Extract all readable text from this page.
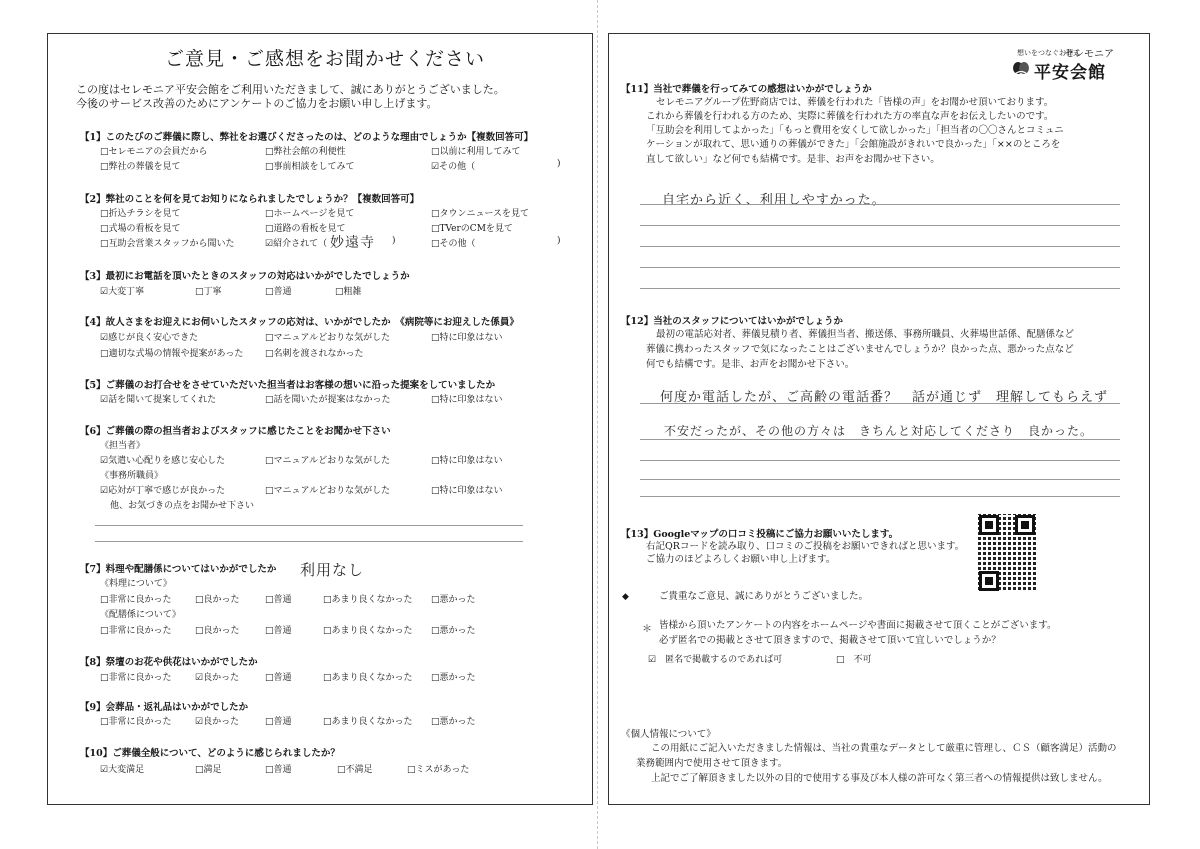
ご意見・ご感想をお聞かせください
この度はセレモニア平安会館をご利用いただきまして、誠にありがとうございました。
今後のサービス改善のためにアンケートのご協力をお願い申し上げます。
【1】このたびのご葬儀に際し、弊社をお選びくださったのは、どのような理由でしょうか【複数回答可】
□セレモニアの会員だから	□弊社会館の利便性	□以前に利用してみて
□弊社の葬儀を見て	□事前相談をしてみて	☑その他（	)
【2】弊社のことを何を見てお知りになられましたでしょうか？【複数回答可】
□折込チラシを見て	□ホームページを見て	□タウンニュースを見て
□式場の看板を見て	□道路の看板を見て	□TVerのCMを見て
□互助会営業スタッフから聞いた	☑紹介されて（ 妙遠寺 )	□その他（	)
【3】最初にお電話を頂いたときのスタッフの対応はいかがでしたでしょうか
☑大変丁寧	□丁寧	□普通	□粗雑
【4】故人さまをお迎えにお伺いしたスタッフの応対は、いかがでしたか　《病院等にお迎えした係員》
☑感じが良く安心できた	□マニュアルどおりな気がした	□特に印象はない
□適切な式場の情報や提案があった □名刺を渡されなかった
【5】ご葬儀のお打合せをさせていただいた担当者はお客様の想いに沿った提案をしていましたか
☑話を聞いて提案してくれた	□話を聞いたが提案はなかった	□特に印象はない
【6】ご葬儀の際の担当者およびスタッフに感じたことをお聞かせ下さい
《担当者》
☑気遣い心配りを感じ安心した	□マニュアルどおりな気がした	□特に印象はない
《事務所職員》
☑応対が丁寧で感じが良かった	□マニュアルどおりな気がした	□特に印象はない
他、お気づきの点をお聞かせ下さい
【7】料理や配膳係についてはいかがでしたか 利用なし
《料理について》
□非常に良かった	□良かった	□普通	□あまり良くなかった □悪かった
《配膳係について》
□非常に良かった	□良かった	□普通	□あまり良くなかった □悪かった
【8】祭壇のお花や供花はいかがでしたか
□非常に良かった	☑良かった	□普通	□あまり良くなかった □悪かった
【9】会葬品・返礼品はいかがでしたか
□非常に良かった	☑良かった	□普通	□あまり良くなかった □悪かった
【10】ご葬儀全般について、どのように感じられましたか？
☑大変満足	□満足	□普通	□不満足	□ミスがあった
想いをつなぐお葬式
セレモニア
平安会館
【11】当社で葬儀を行ってみての感想はいかがでしょうか
セレモニアグループ佐野商店では、葬儀を行われた「皆様の声」をお聞かせ頂いております。
これから葬儀を行われる方のため、実際に葬儀を行われた方の率直な声をお伝えしたいのです。
「互助会を利用してよかった」「もっと費用を安くして欲しかった」「担当者の〇〇さんとコミュニ
ケーションが取れて、思い通りの葬儀ができた」「会館施設がきれいで良かった」「××のところを
直して欲しい」など何でも結構です。是非、お声をお聞かせ下さい。
自宅から近く、利用しやすかった。
【12】当社のスタッフについてはいかがでしょうか
最初の電話応対者、葬儀見積り者、葬儀担当者、搬送係、事務所職員、火葬場世話係、配膳係など
葬儀に携わったスタッフで気になったことはございませんでしょうか？良かった点、悪かった点など
何でも結構です。是非、お声をお聞かせ下さい。
何度か電話したが、ご高齢の電話番？　話が通じず　理解してもらえず
不安だったが、その他の方々は　きちんと対応してくださり　良かった。
【13】Googleマップの口コミ投稿にご協力お願いいたします。
右記QRコードを読み取り、口コミのご投稿をお願いできればと思います。
ご協力のほどよろしくお願い申し上げます。
◆	ご貴重なご意見、誠にありがとうございました。
＊ 皆様から頂いたアンケートの内容をホームページや書面に掲載させて頂くことがございます。
必ず匿名での掲載とさせて頂きますので、掲載させて頂いて宜しいでしょうか？
☑　匿名で掲載するのであれば可	□　不可
《個人情報について》
この用紙にご記入いただきました情報は、当社の貴重なデータとして厳重に管理し、ＣＳ（顧客満足）活動の
業務範囲内で使用させて頂きます。
上記でご了解頂きました以外の目的で使用する事及び本人様の許可なく第三者への情報提供は致しません。
